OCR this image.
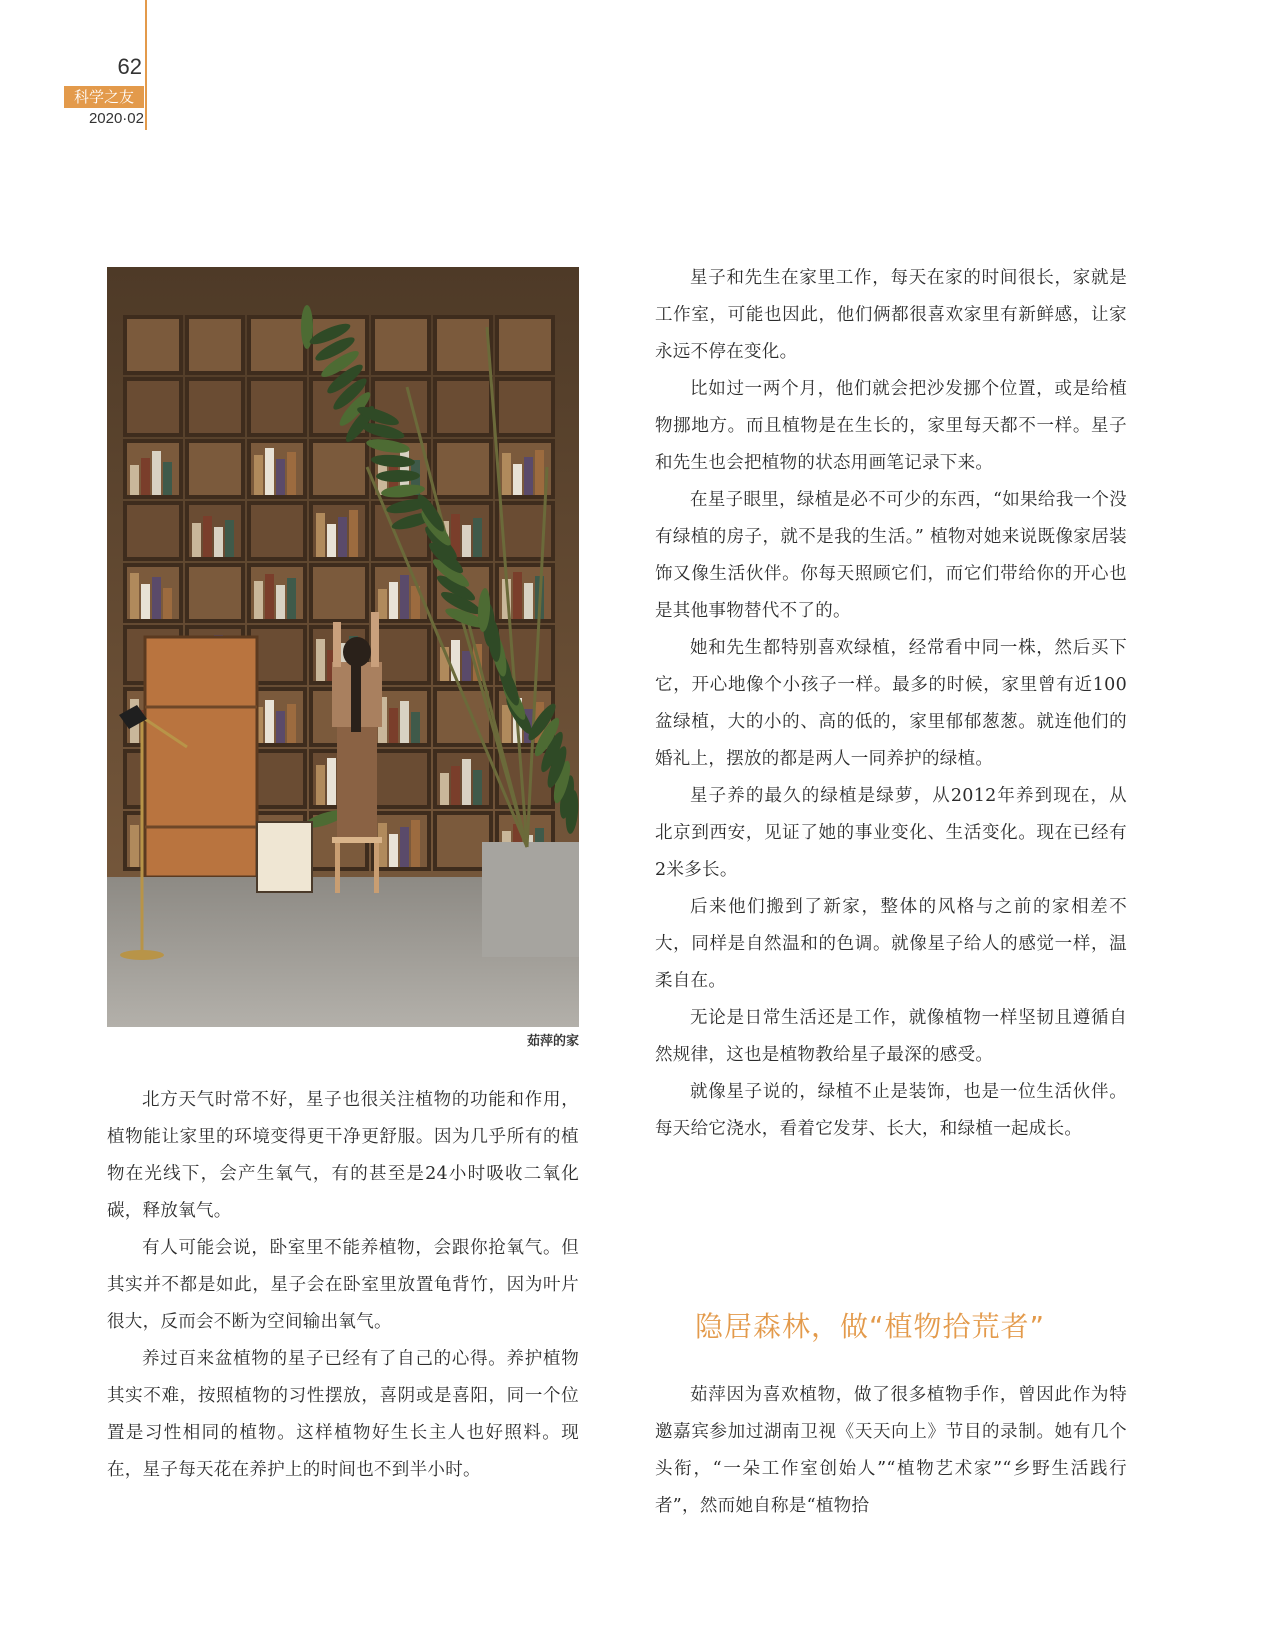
62
科学之友
2020·02
茹萍的家

北方天气时常不好，星子也很关注植物的功能和作用，植物能让家里的环境变得更干净更舒服。因为几乎所有的植物在光线下，会产生氧气，有的甚至是24小时吸收二氧化碳，释放氧气。

有人可能会说，卧室里不能养植物，会跟你抢氧气。但其实并不都是如此，星子会在卧室里放置龟背竹，因为叶片很大，反而会不断为空间输出氧气。

养过百来盆植物的星子已经有了自己的心得。养护植物其实不难，按照植物的习性摆放，喜阴或是喜阳，同一个位置是习性相同的植物。这样植物好生长主人也好照料。现在，星子每天花在养护上的时间也不到半小时。

星子和先生在家里工作，每天在家的时间很长，家就是工作室，可能也因此，他们俩都很喜欢家里有新鲜感，让家永远不停在变化。

比如过一两个月，他们就会把沙发挪个位置，或是给植物挪地方。而且植物是在生长的，家里每天都不一样。星子和先生也会把植物的状态用画笔记录下来。

在星子眼里，绿植是必不可少的东西，“如果给我一个没有绿植的房子，就不是我的生活。” 植物对她来说既像家居装饰又像生活伙伴。你每天照顾它们，而它们带给你的开心也是其他事物替代不了的。

她和先生都特别喜欢绿植，经常看中同一株，然后买下它，开心地像个小孩子一样。最多的时候，家里曾有近100盆绿植，大的小的、高的低的，家里郁郁葱葱。就连他们的婚礼上，摆放的都是两人一同养护的绿植。

星子养的最久的绿植是绿萝，从2012年养到现在，从北京到西安，见证了她的事业变化、生活变化。现在已经有2米多长。

后来他们搬到了新家，整体的风格与之前的家相差不大，同样是自然温和的色调。就像星子给人的感觉一样，温柔自在。

无论是日常生活还是工作，就像植物一样坚韧且遵循自然规律，这也是植物教给星子最深的感受。

就像星子说的，绿植不止是装饰，也是一位生活伙伴。每天给它浇水，看着它发芽、长大，和绿植一起成长。

隐居森林，做“植物拾荒者”

茹萍因为喜欢植物，做了很多植物手作，曾因此作为特邀嘉宾参加过湖南卫视《天天向上》节目的录制。她有几个头衔，“一朵工作室创始人”“植物艺术家”“乡野生活践行者”，然而她自称是“植物拾
